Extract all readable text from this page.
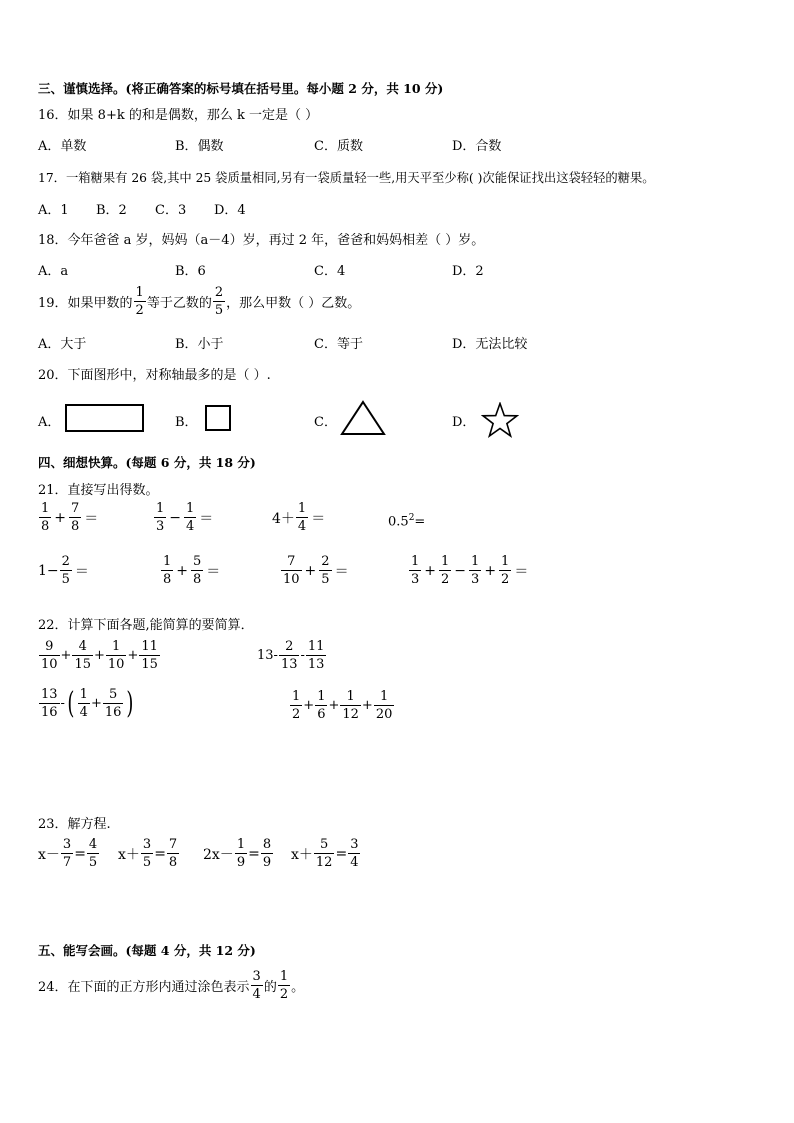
三、谨慎选择。(将正确答案的标号填在括号里。每小题 2 分，共 10 分)
16．如果 8+k 的和是偶数，那么 k 一定是（ ）
A．单数	B．偶数	C．质数	D．合数
17．一箱糖果有 26 袋,其中 25 袋质量相同,另有一袋质量轻一些,用天平至少称( )次能保证找出这袋轻轻的糖果。
A．1 B．2 C．3 D．4
18．今年爸爸 a 岁，妈妈（a－4）岁，再过 2 年，爸爸和妈妈相差（ ）岁。
A．a	B．6	C．4	D．2
19．如果甲数的 $\frac{1}{2}$ 等于乙数的 $\frac{2}{5}$ ，那么甲数（ ）乙数。
A．大于	B．小于	C．等于	D．无法比较
20．下面图形中，对称轴最多的是（ ）.
A．	B．	C．	D．
四、细想快算。(每题 6 分，共 18 分)
21．直接写出得数。
$\frac{1}{8} + \frac{7}{8}$ ＝	$\frac{1}{3} - \frac{1}{4}$ ＝	$4+ \frac{1}{4}$ ＝	$0.5^2=$
$1- \frac{2}{5}$ ＝	$\frac{1}{8} + \frac{5}{8}$ ＝	$\frac{7}{10} + \frac{2}{5}$ ＝	$\frac{1}{3} + \frac{1}{2} - \frac{1}{3} + \frac{1}{2}$ ＝
22．计算下面各题,能简算的要简算．
$\frac{9}{10} + \frac{4}{15} + \frac{1}{10} + \frac{11}{15}$	$13- \frac{2}{13} - \frac{11}{13}$
$\frac{13}{16}$ - ( $\frac{1}{4} + \frac{5}{16}$ )	$\frac{1}{2} + \frac{1}{6} + \frac{1}{12} + \frac{1}{20}$
23．解方程.
$x- \frac{3}{7} = \frac{4}{5} x+ \frac{3}{5} = \frac{7}{8} 2x- \frac{1}{9} = \frac{8}{9} x+ \frac{5}{12} = \frac{3}{4}$
五、能写会画。(每题 4 分，共 12 分)
24．在下面的正方形内通过涂色表示 $\frac{3}{4}$ 的 $\frac{1}{2}$ 。
